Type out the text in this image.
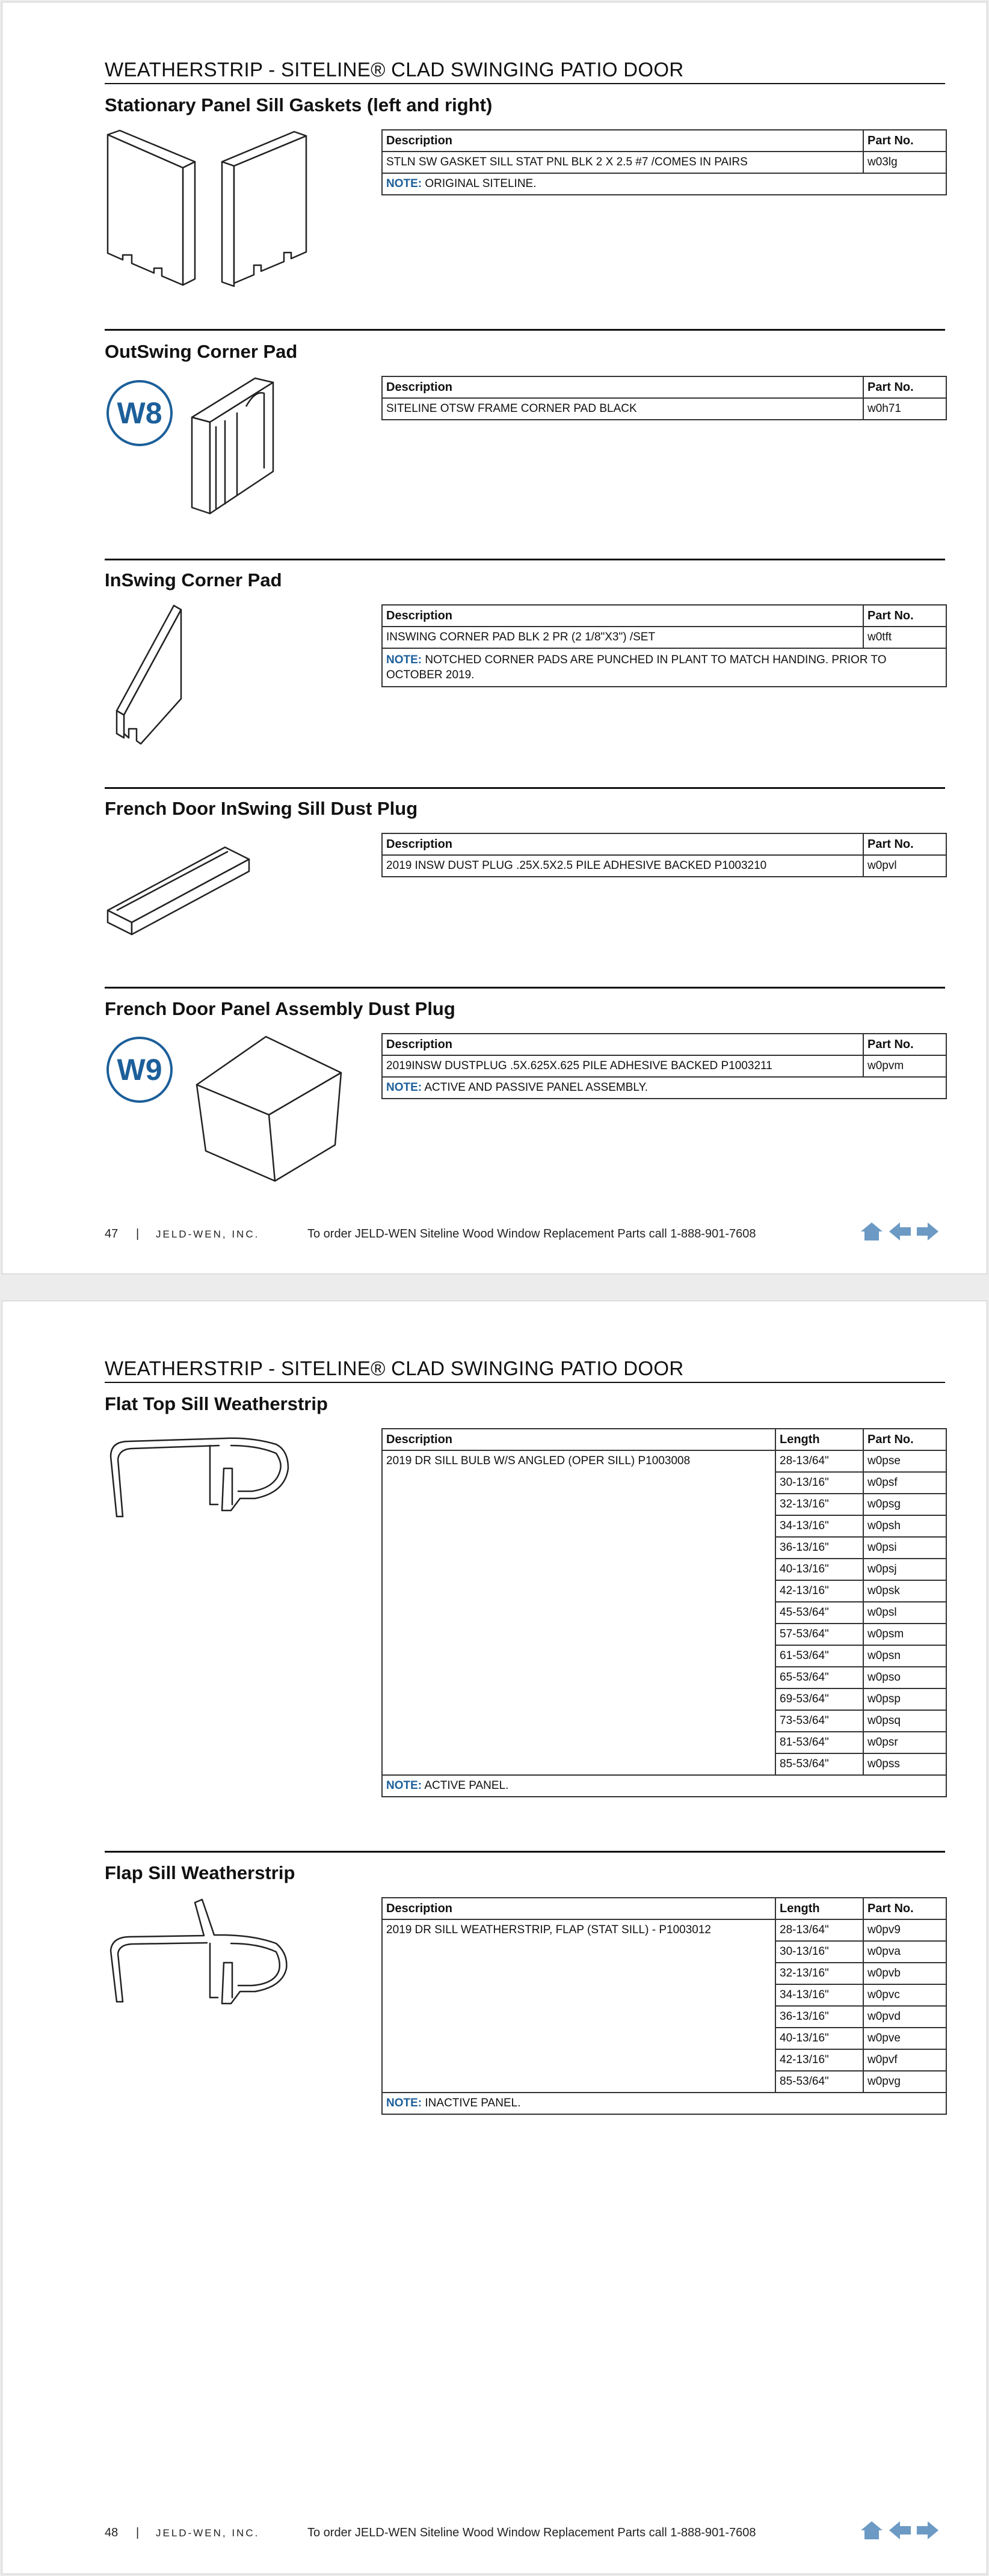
WEATHERSTRIP - SITELINE® CLAD SWINGING PATIO DOOR
Stationary Panel Sill Gaskets (left and right)
Description	Part No.
STLN SW GASKET SILL STAT PNL BLK 2 X 2.5 #7 /COMES IN PAIRS	w03lg
NOTE: ORIGINAL SITELINE.	
OutSwing Corner Pad
W8
Description	Part No.
SITELINE OTSW FRAME CORNER PAD BLACK	w0h71
InSwing Corner Pad
Description	Part No.
INSWING CORNER PAD BLK 2 PR (2 1/8"X3") /SET	w0tft
NOTE: NOTCHED CORNER PADS ARE PUNCHED IN PLANT TO MATCH HANDING. PRIOR TO OCTOBER 2019.	
French Door InSwing Sill Dust Plug
Description	Part No.
2019 INSW DUST PLUG .25X.5X2.5 PILE ADHESIVE BACKED P1003210	w0pvl
French Door Panel Assembly Dust Plug
W9
Description	Part No.
2019INSW DUSTPLUG .5X.625X.625 PILE ADHESIVE BACKED P1003211	w0pvm
NOTE: ACTIVE AND PASSIVE PANEL ASSEMBLY.	
47 | JELD-WEN, INC.	To order JELD-WEN Siteline Wood Window Replacement Parts call 1-888-901-7608
WEATHERSTRIP - SITELINE® CLAD SWINGING PATIO DOOR
Flat Top Sill Weatherstrip
Description	Length	Part No.
2019 DR SILL BULB W/S ANGLED (OPER SILL) P1003008	28-13/64"	w0pse
	30-13/16"	w0psf
	32-13/16"	w0psg
	34-13/16"	w0psh
	36-13/16"	w0psi
	40-13/16"	w0psj
	42-13/16"	w0psk
	45-53/64"	w0psl
	57-53/64"	w0psm
	61-53/64"	w0psn
	65-53/64"	w0pso
	69-53/64"	w0psp
	73-53/64"	w0psq
	81-53/64"	w0psr
	85-53/64"	w0pss
NOTE: ACTIVE PANEL.		
Flap Sill Weatherstrip
Description	Length	Part No.
2019 DR SILL WEATHERSTRIP, FLAP (STAT SILL) - P1003012	28-13/64"	w0pv9
	30-13/16"	w0pva
	32-13/16"	w0pvb
	34-13/16"	w0pvc
	36-13/16"	w0pvd
	40-13/16"	w0pve
	42-13/16"	w0pvf
	85-53/64"	w0pvg
NOTE: INACTIVE PANEL.		
48 | JELD-WEN, INC.	To order JELD-WEN Siteline Wood Window Replacement Parts call 1-888-901-7608
